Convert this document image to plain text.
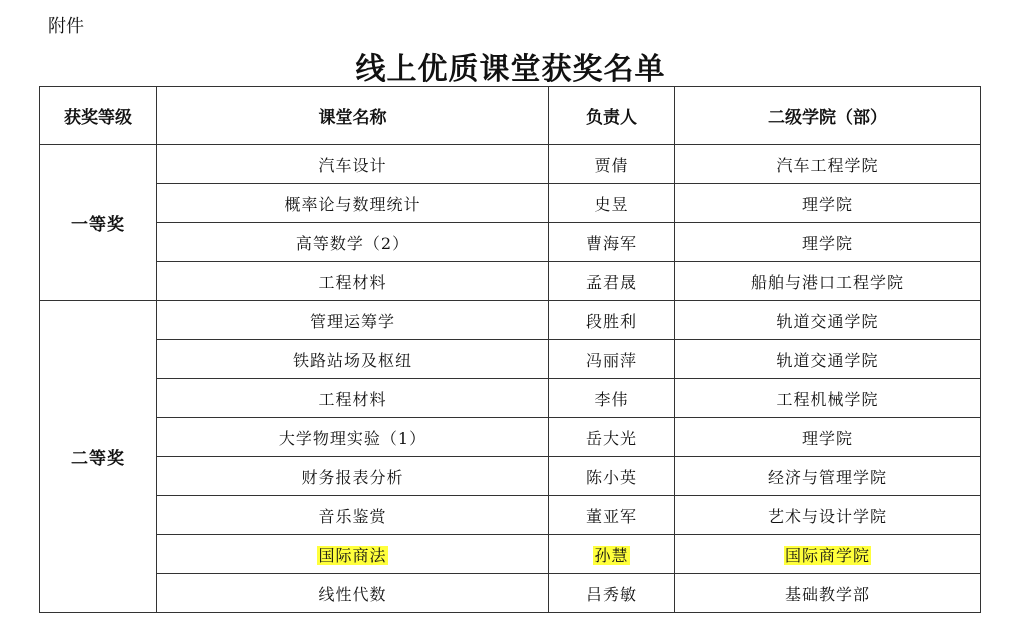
附件
线上优质课堂获奖名单
获奖等级	课堂名称	负责人	二级学院（部）
一等奖	汽车设计	贾倩	汽车工程学院
	概率论与数理统计	史昱	理学院
	高等数学（2）	曹海军	理学院
	工程材料	孟君晟	船舶与港口工程学院
二等奖	管理运筹学	段胜利	轨道交通学院
	铁路站场及枢纽	冯丽萍	轨道交通学院
	工程材料	李伟	工程机械学院
	大学物理实验（1）	岳大光	理学院
	财务报表分析	陈小英	经济与管理学院
	音乐鉴赏	董亚军	艺术与设计学院
	国际商法	孙慧	国际商学院
	线性代数	吕秀敏	基础教学部
